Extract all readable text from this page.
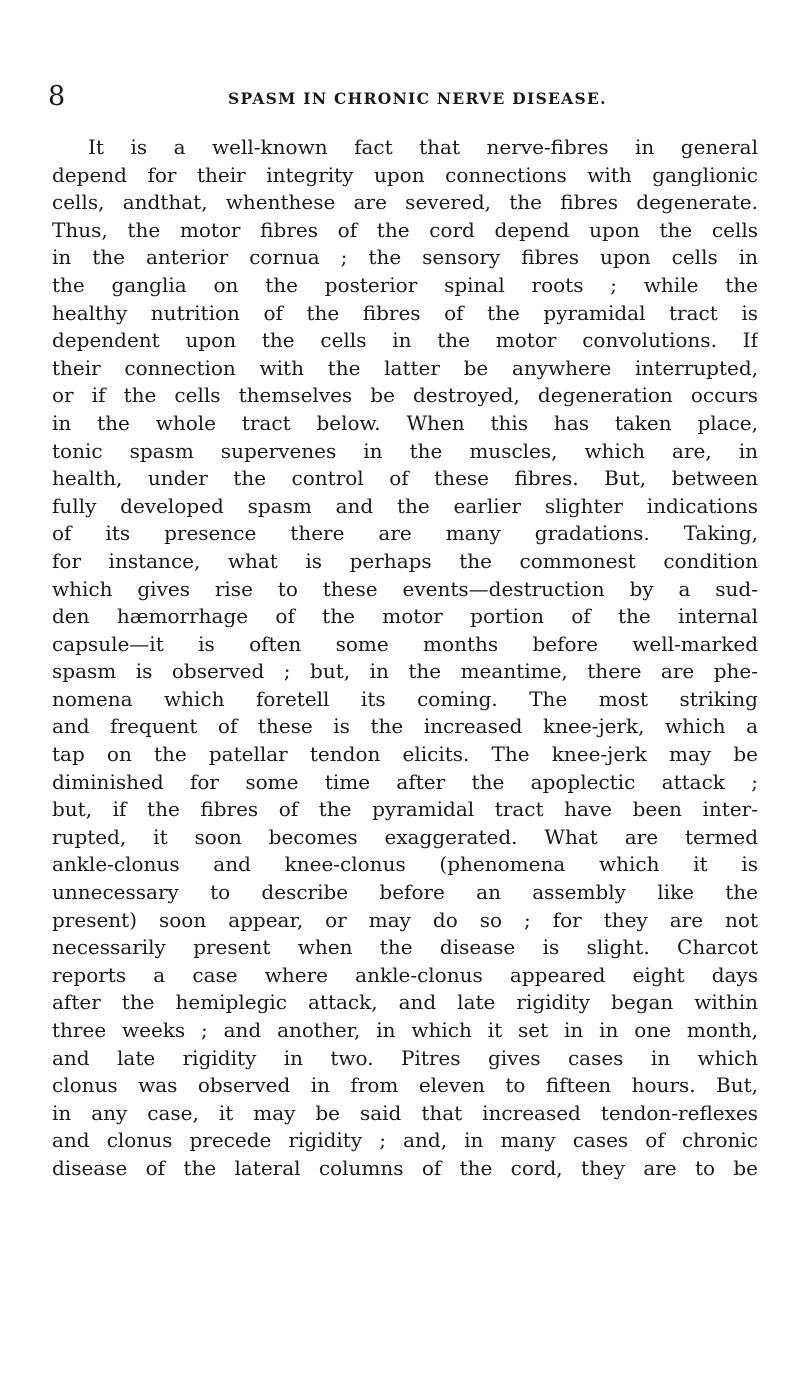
8	SPASM IN CHRONIC NERVE DISEASE.
It is a well-known fact that nerve-fibres in general
depend for their integrity upon connections with ganglionic
cells, andthat, whenthese are severed, the fibres degenerate.
Thus, the motor fibres of the cord depend upon the cells
in the anterior cornua ; the sensory fibres upon cells in
the ganglia on the posterior spinal roots ; while the
healthy nutrition of the fibres of the pyramidal tract is
dependent upon the cells in the motor convolutions. If
their connection with the latter be anywhere interrupted,
or if the cells themselves be destroyed, degeneration occurs
in the whole tract below. When this has taken place,
tonic spasm supervenes in the muscles, which are, in
health, under the control of these fibres. But, between
fully developed spasm and the earlier slighter indications
of its presence there are many gradations. Taking,
for instance, what is perhaps the commonest condition
which gives rise to these events—destruction by a sud-
den hæmorrhage of the motor portion of the internal
capsule—it is often some months before well-marked
spasm is observed ; but, in the meantime, there are phe-
nomena which foretell its coming. The most striking
and frequent of these is the increased knee-jerk, which a
tap on the patellar tendon elicits. The knee-jerk may be
diminished for some time after the apoplectic attack ;
but, if the fibres of the pyramidal tract have been inter-
rupted, it soon becomes exaggerated. What are termed
ankle-clonus and knee-clonus (phenomena which it is
unnecessary to describe before an assembly like the
present) soon appear, or may do so ; for they are not
necessarily present when the disease is slight. Charcot
reports a case where ankle-clonus appeared eight days
after the hemiplegic attack, and late rigidity began within
three weeks ; and another, in which it set in in one month,
and late rigidity in two. Pitres gives cases in which
clonus was observed in from eleven to fifteen hours. But,
in any case, it may be said that increased tendon-reflexes
and clonus precede rigidity ; and, in many cases of chronic
disease of the lateral columns of the cord, they are to be
